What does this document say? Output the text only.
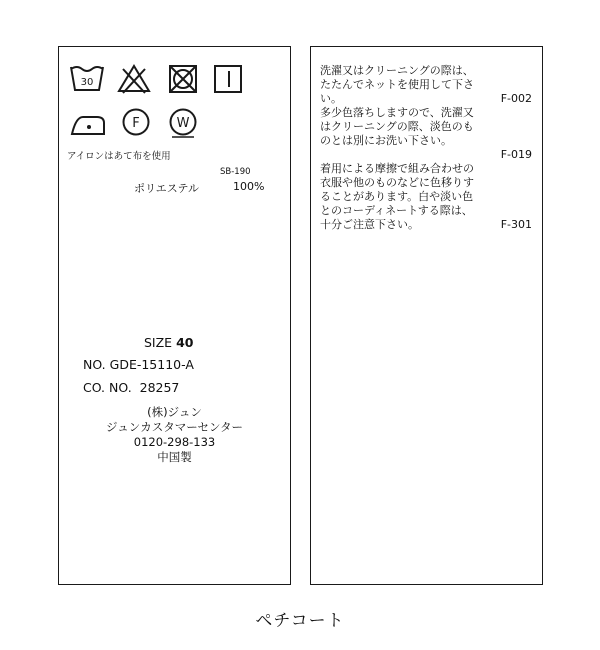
30
F	W
アイロンはあて布を使用
SB-190
ポリエステル	100%
SIZE 40
NO. GDE-15110-A
CO. NO.  28257
(株)ジュン
ジュンカスタマーセンター
0120-298-133
中国製
洗濯又はクリーニングの際は、
たたんでネットを使用して下さ
い。	F-002
多少色落ちしますので、洗濯又
はクリーニングの際、淡色のも
のとは別にお洗い下さい。
F-019
着用による摩擦で組み合わせの
衣服や他のものなどに色移りす
ることがあります。白や淡い色
とのコーディネートする際は、
十分ご注意下さい。	F-301
ペチコート
